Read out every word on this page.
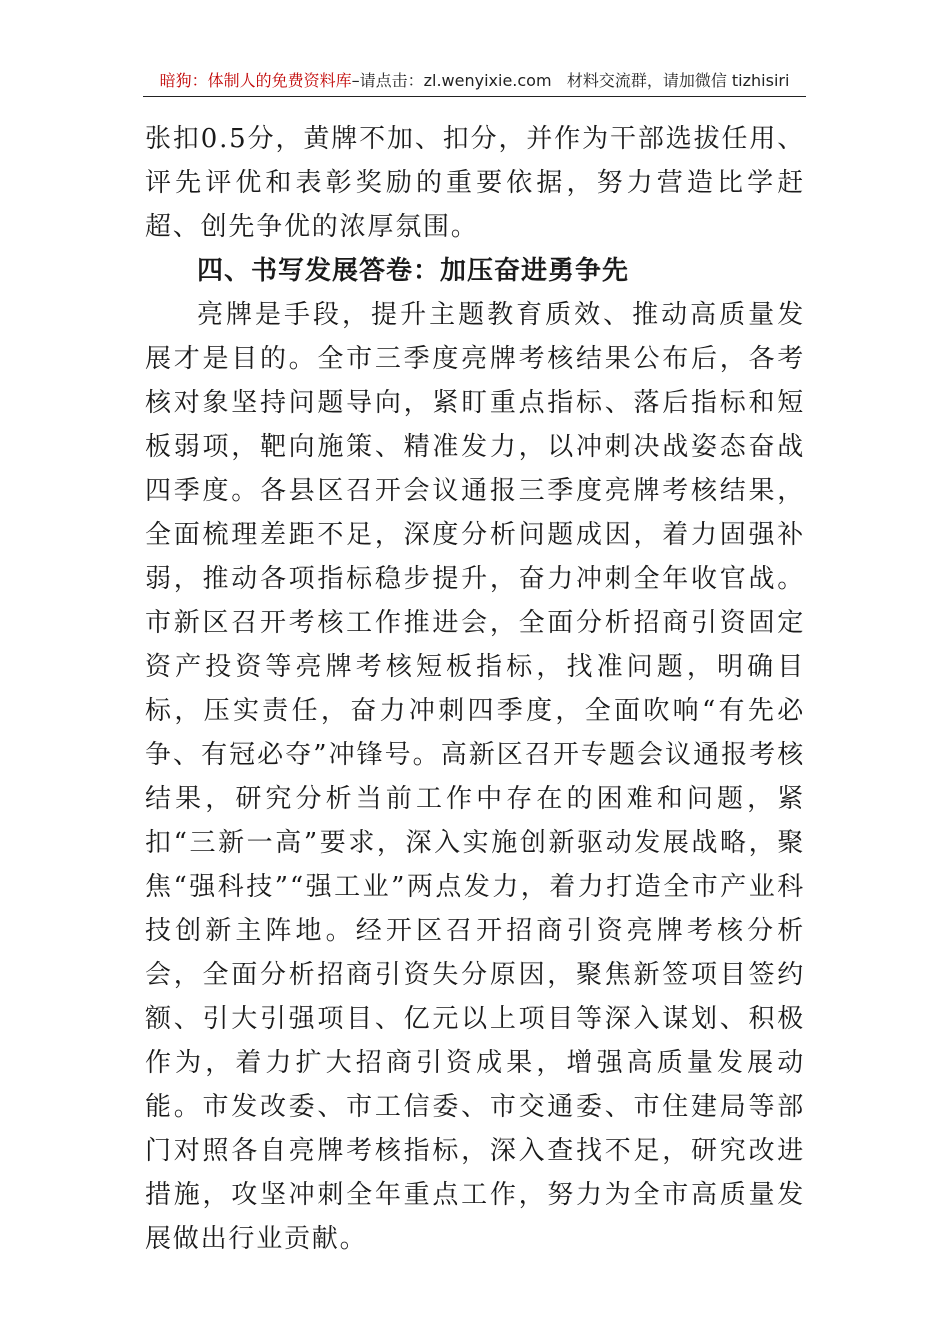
暗狗：体制人的免费资料库–请点击：zl.wenyixie.com 材料交流群，请加微信 tizhisiri

张扣0.5分，黄牌不加、扣分，并作为干部选拔任用、评先评优和表彰奖励的重要依据，努力营造比学赶超、创先争优的浓厚氛围。

四、书写发展答卷：加压奋进勇争先

亮牌是手段，提升主题教育质效、推动高质量发展才是目的。全市三季度亮牌考核结果公布后，各考核对象坚持问题导向，紧盯重点指标、落后指标和短板弱项，靶向施策、精准发力，以冲刺决战姿态奋战四季度。各县区召开会议通报三季度亮牌考核结果，全面梳理差距不足，深度分析问题成因，着力固强补弱，推动各项指标稳步提升，奋力冲刺全年收官战。市新区召开考核工作推进会，全面分析招商引资固定资产投资等亮牌考核短板指标，找准问题，明确目标，压实责任，奋力冲刺四季度，全面吹响“有先必争、有冠必夺”冲锋号。高新区召开专题会议通报考核结果，研究分析当前工作中存在的困难和问题，紧扣“三新一高”要求，深入实施创新驱动发展战略，聚焦“强科技”“强工业”两点发力，着力打造全市产业科技创新主阵地。经开区召开招商引资亮牌考核分析会，全面分析招商引资失分原因，聚焦新签项目签约额、引大引强项目、亿元以上项目等深入谋划、积极作为，着力扩大招商引资成果，增强高质量发展动能。市发改委、市工信委、市交通委、市住建局等部门对照各自亮牌考核指标，深入查找不足，研究改进措施，攻坚冲刺全年重点工作，努力为全市高质量发展做出行业贡献。
